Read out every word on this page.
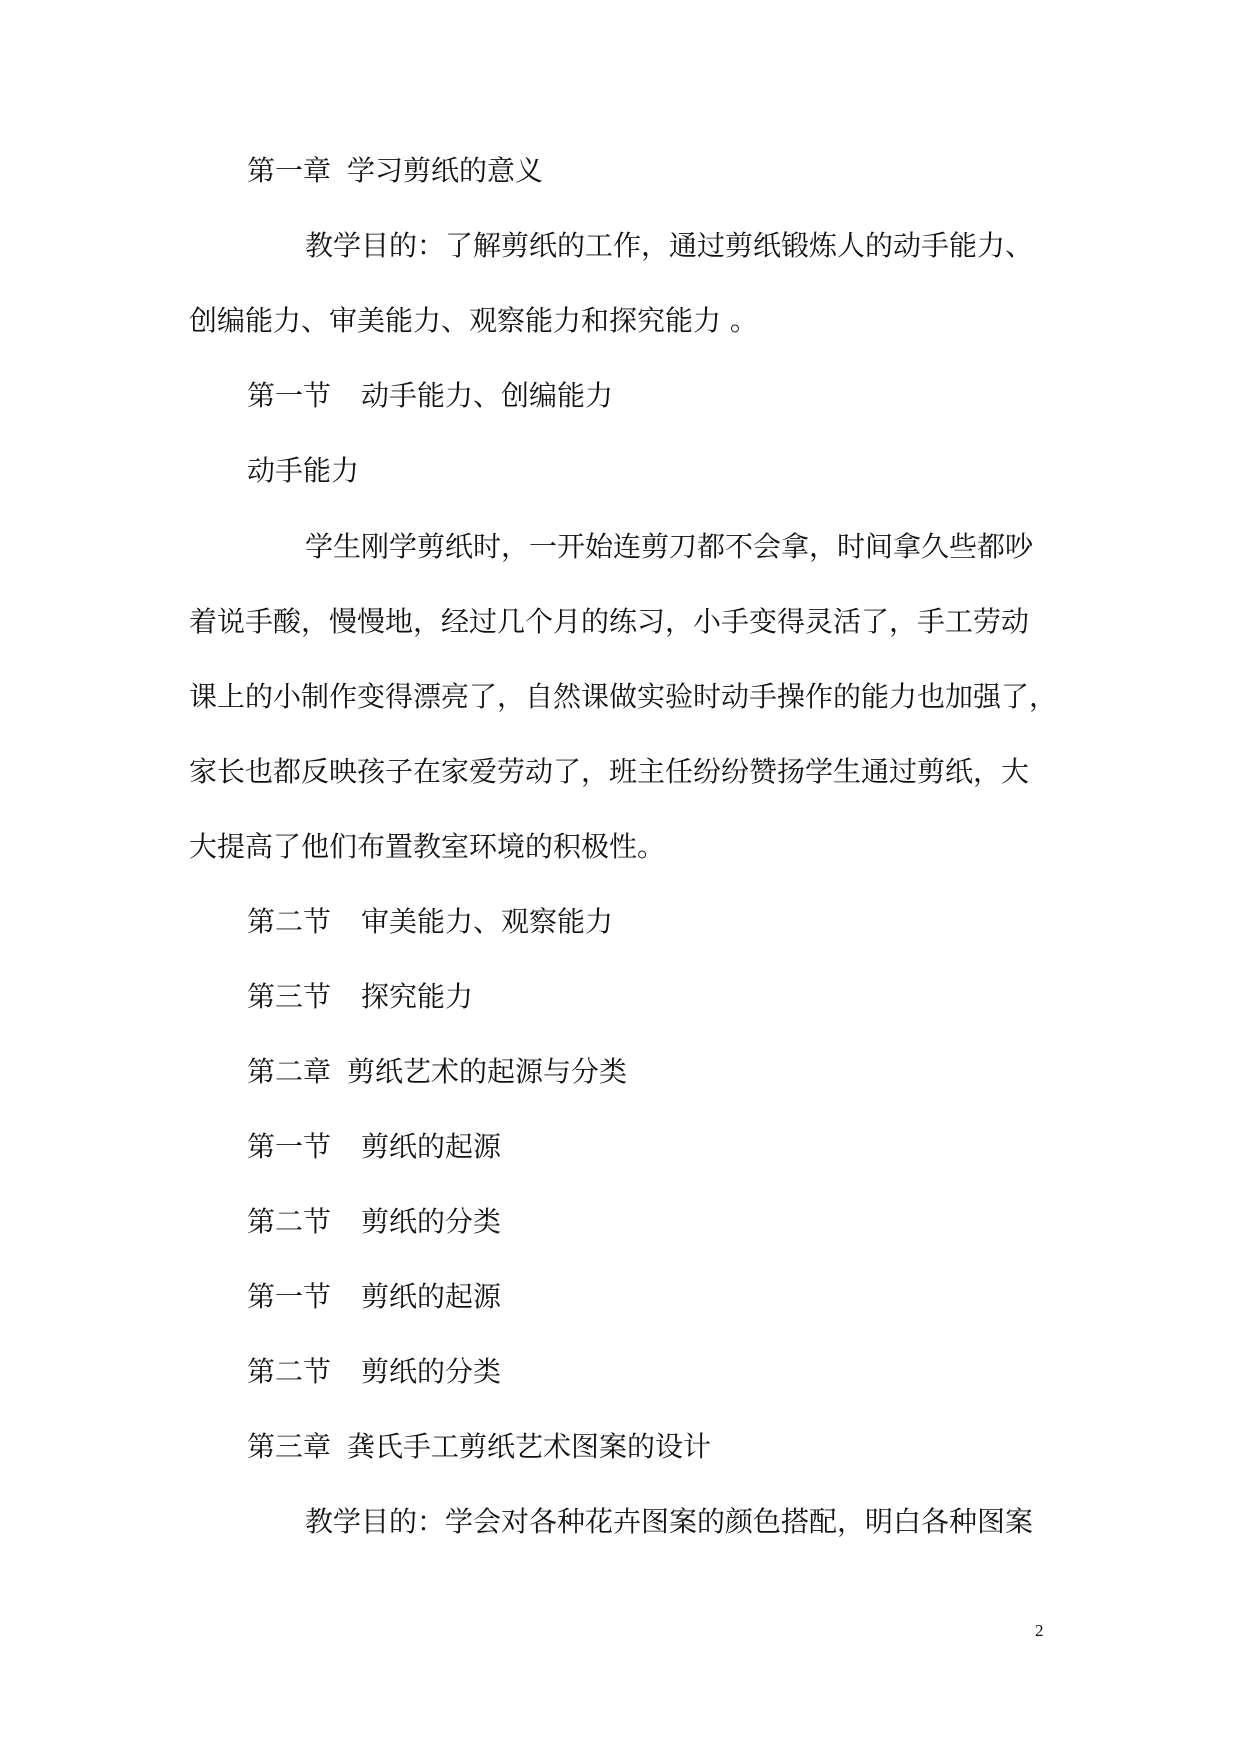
第一章 学习剪纸的意义
教学目的：了解剪纸的工作，通过剪纸锻炼人的动手能力、
创编能力、审美能力、观察能力和探究能力 。
第一节 动手能力、创编能力
动手能力
学生刚学剪纸时，一开始连剪刀都不会拿，时间拿久些都吵
着说手酸，慢慢地，经过几个月的练习，小手变得灵活了，手工劳动
课上的小制作变得漂亮了，自然课做实验时动手操作的能力也加强了，
家长也都反映孩子在家爱劳动了，班主任纷纷赞扬学生通过剪纸，大
大提高了他们布置教室环境的积极性。
第二节 审美能力、观察能力
第三节 探究能力
第二章 剪纸艺术的起源与分类
第一节 剪纸的起源
第二节 剪纸的分类
第一节 剪纸的起源
第二节 剪纸的分类
第三章 龚氏手工剪纸艺术图案的设计
教学目的：学会对各种花卉图案的颜色搭配，明白各种图案
2
